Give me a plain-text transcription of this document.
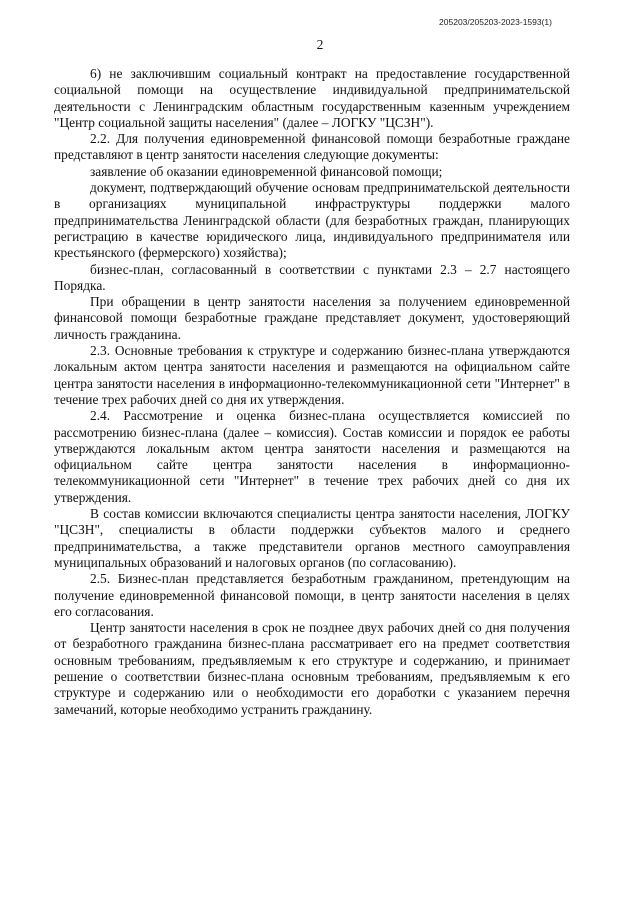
205203/205203-2023-1593(1)
2

6) не заключившим социальный контракт на предоставление государственной социальной помощи на осуществление индивидуальной предпринимательской деятельности с Ленинградским областным государственным казенным учреждением "Центр социальной защиты населения" (далее – ЛОГКУ "ЦСЗН").

2.2. Для получения единовременной финансовой помощи безработные граждане представляют в центр занятости населения следующие документы:

заявление об оказании единовременной финансовой помощи;

документ, подтверждающий обучение основам предпринимательской деятельности в организациях муниципальной инфраструктуры поддержки малого предпринимательства Ленинградской области (для безработных граждан, планирующих регистрацию в качестве юридического лица, индивидуального предпринимателя или крестьянского (фермерского) хозяйства);

бизнес-план, согласованный в соответствии с пунктами 2.3 – 2.7 настоящего Порядка.

При обращении в центр занятости населения за получением единовременной финансовой помощи безработные граждане представляет документ, удостоверяющий личность гражданина.

2.3. Основные требования к структуре и содержанию бизнес-плана утверждаются локальным актом центра занятости населения и размещаются на официальном сайте центра занятости населения в информационно-телекоммуникационной сети "Интернет" в течение трех рабочих дней со дня их утверждения.

2.4. Рассмотрение и оценка бизнес-плана осуществляется комиссией по рассмотрению бизнес-плана (далее – комиссия). Состав комиссии и порядок ее работы утверждаются локальным актом центра занятости населения и размещаются на официальном сайте центра занятости населения в информационно-телекоммуникационной сети "Интернет" в течение трех рабочих дней со дня их утверждения.

В состав комиссии включаются специалисты центра занятости населения, ЛОГКУ "ЦСЗН", специалисты в области поддержки субъектов малого и среднего предпринимательства, а также представители органов местного самоуправления муниципальных образований и налоговых органов (по согласованию).

2.5. Бизнес-план представляется безработным гражданином, претендующим на получение единовременной финансовой помощи, в центр занятости населения в целях его согласования.

Центр занятости населения в срок не позднее двух рабочих дней со дня получения от безработного гражданина бизнес-плана рассматривает его на предмет соответствия основным требованиям, предъявляемым к его структуре и содержанию, и принимает решение о соответствии бизнес-плана основным требованиям, предъявляемым к его структуре и содержанию или о необходимости его доработки с указанием перечня замечаний, которые необходимо устранить гражданину.
